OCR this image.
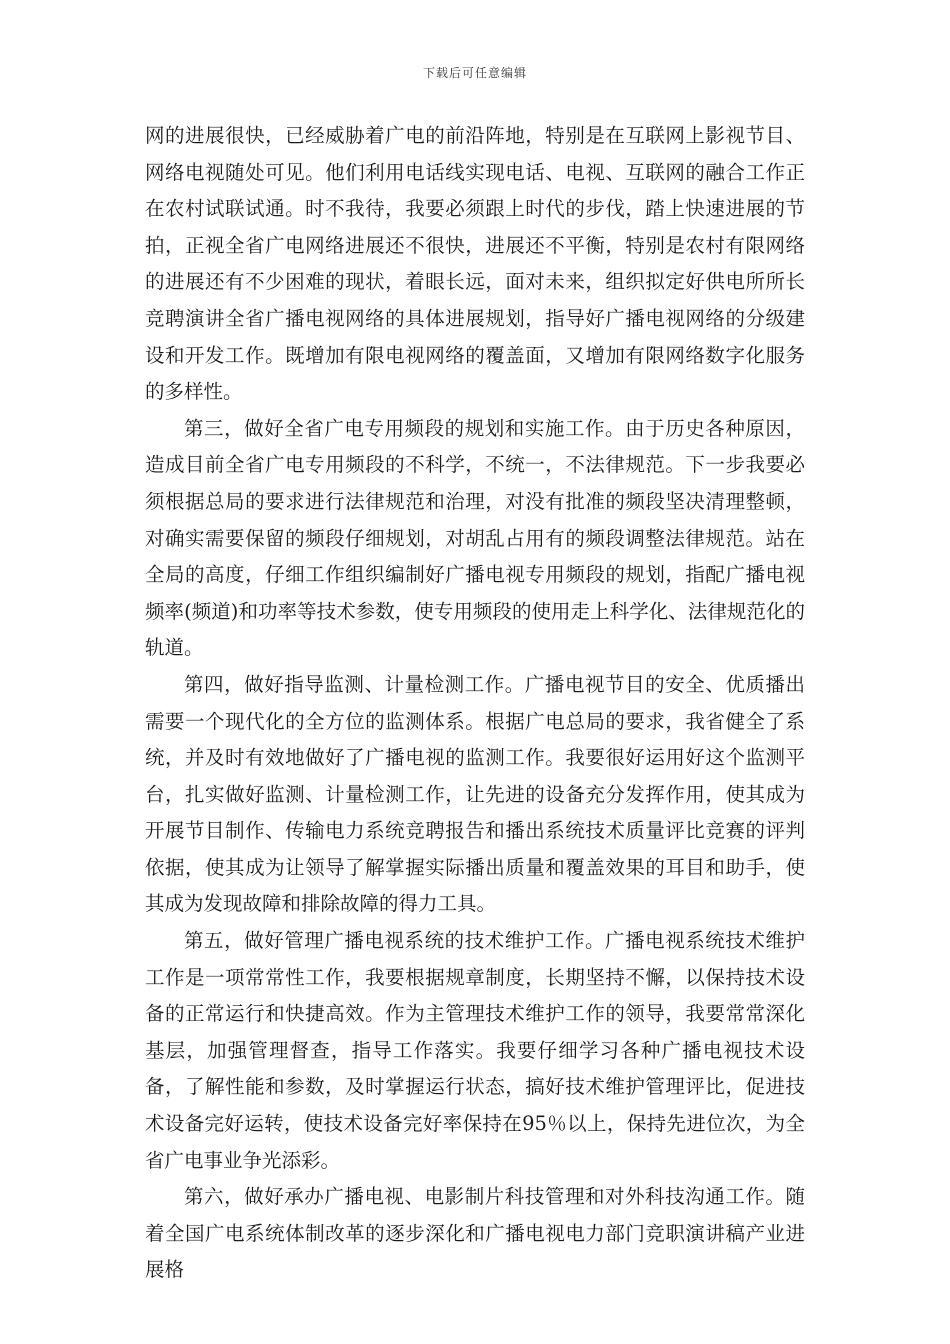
下载后可任意编辑

网的进展很快，已经威胁着广电的前沿阵地，特别是在互联网上影视节目、网络电视随处可见。他们利用电话线实现电话、电视、互联网的融合工作正在农村试联试通。时不我待，我要必须跟上时代的步伐，踏上快速进展的节拍，正视全省广电网络进展还不很快，进展还不平衡，特别是农村有限网络的进展还有不少困难的现状，着眼长远，面对未来，组织拟定好供电所所长竞聘演讲全省广播电视网络的具体进展规划，指导好广播电视网络的分级建设和开发工作。既增加有限电视网络的覆盖面，又增加有限网络数字化服务的多样性。

第三，做好全省广电专用频段的规划和实施工作。由于历史各种原因，造成目前全省广电专用频段的不科学，不统一，不法律规范。下一步我要必须根据总局的要求进行法律规范和治理，对没有批准的频段坚决清理整顿，对确实需要保留的频段仔细规划，对胡乱占用有的频段调整法律规范。站在全局的高度，仔细工作组织编制好广播电视专用频段的规划，指配广播电视频率(频道)和功率等技术参数，使专用频段的使用走上科学化、法律规范化的轨道。

第四，做好指导监测、计量检测工作。广播电视节目的安全、优质播出需要一个现代化的全方位的监测体系。根据广电总局的要求，我省健全了系统，并及时有效地做好了广播电视的监测工作。我要很好运用好这个监测平台，扎实做好监测、计量检测工作，让先进的设备充分发挥作用，使其成为开展节目制作、传输电力系统竞聘报告和播出系统技术质量评比竞赛的评判依据，使其成为让领导了解掌握实际播出质量和覆盖效果的耳目和助手，使其成为发现故障和排除故障的得力工具。

第五，做好管理广播电视系统的技术维护工作。广播电视系统技术维护工作是一项常常性工作，我要根据规章制度，长期坚持不懈，以保持技术设备的正常运行和快捷高效。作为主管理技术维护工作的领导，我要常常深化基层，加强管理督查，指导工作落实。我要仔细学习各种广播电视技术设备，了解性能和参数，及时掌握运行状态，搞好技术维护管理评比，促进技术设备完好运转，使技术设备完好率保持在95％以上，保持先进位次，为全省广电事业争光添彩。

第六，做好承办广播电视、电影制片科技管理和对外科技沟通工作。随着全国广电系统体制改革的逐步深化和广播电视电力部门竞职演讲稿产业进展格
